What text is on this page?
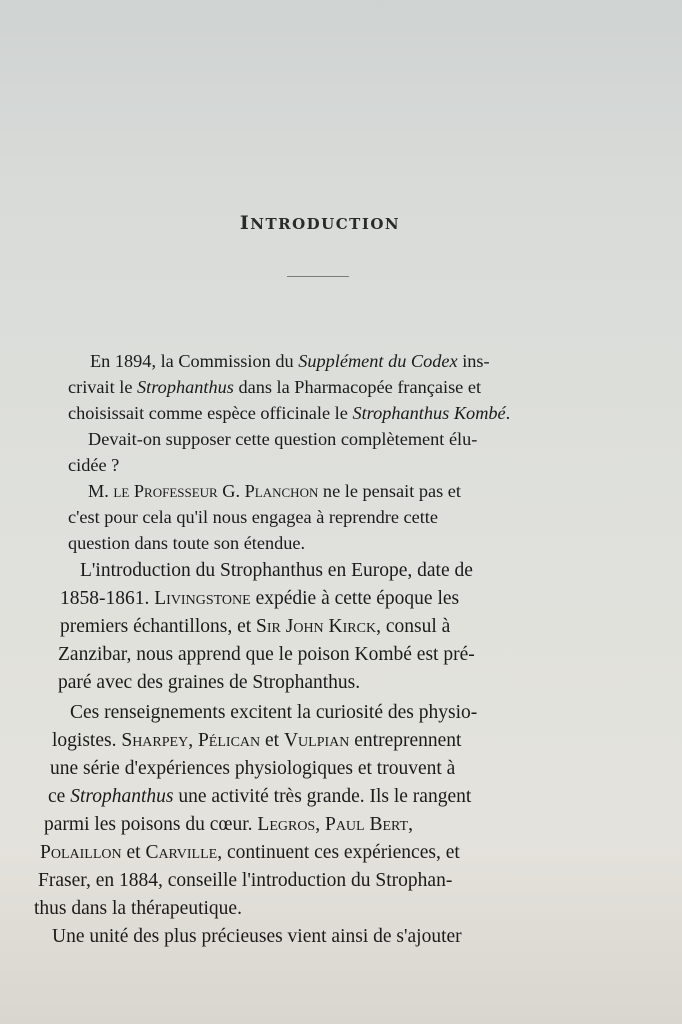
INTRODUCTION
En 1894, la Commission du Supplément du Codex ins-
crivait le Strophanthus dans la Pharmacopée française et
choisissait comme espèce officinale le Strophanthus Kombé.
Devait-on supposer cette question complètement élu-
cidée ?
M. le Professeur G. Planchon ne le pensait pas et
c'est pour cela qu'il nous engagea à reprendre cette
question dans toute son étendue.
L'introduction du Strophanthus en Europe, date de
1858-1861. Livingstone expédie à cette époque les
premiers échantillons, et Sir John Kirck, consul à
Zanzibar, nous apprend que le poison Kombé est pré-
paré avec des graines de Strophanthus.
Ces renseignements excitent la curiosité des physio-
logistes. Sharpey, Pélican et Vulpian entreprennent
une série d'expériences physiologiques et trouvent à
ce Strophanthus une activité très grande. Ils le rangent
parmi les poisons du cœur. Legros, Paul Bert,
Polaillon et Carville, continuent ces expériences, et
Fraser, en 1884, conseille l'introduction du Strophan-
thus dans la thérapeutique.
Une unité des plus précieuses vient ainsi de s'ajouter
